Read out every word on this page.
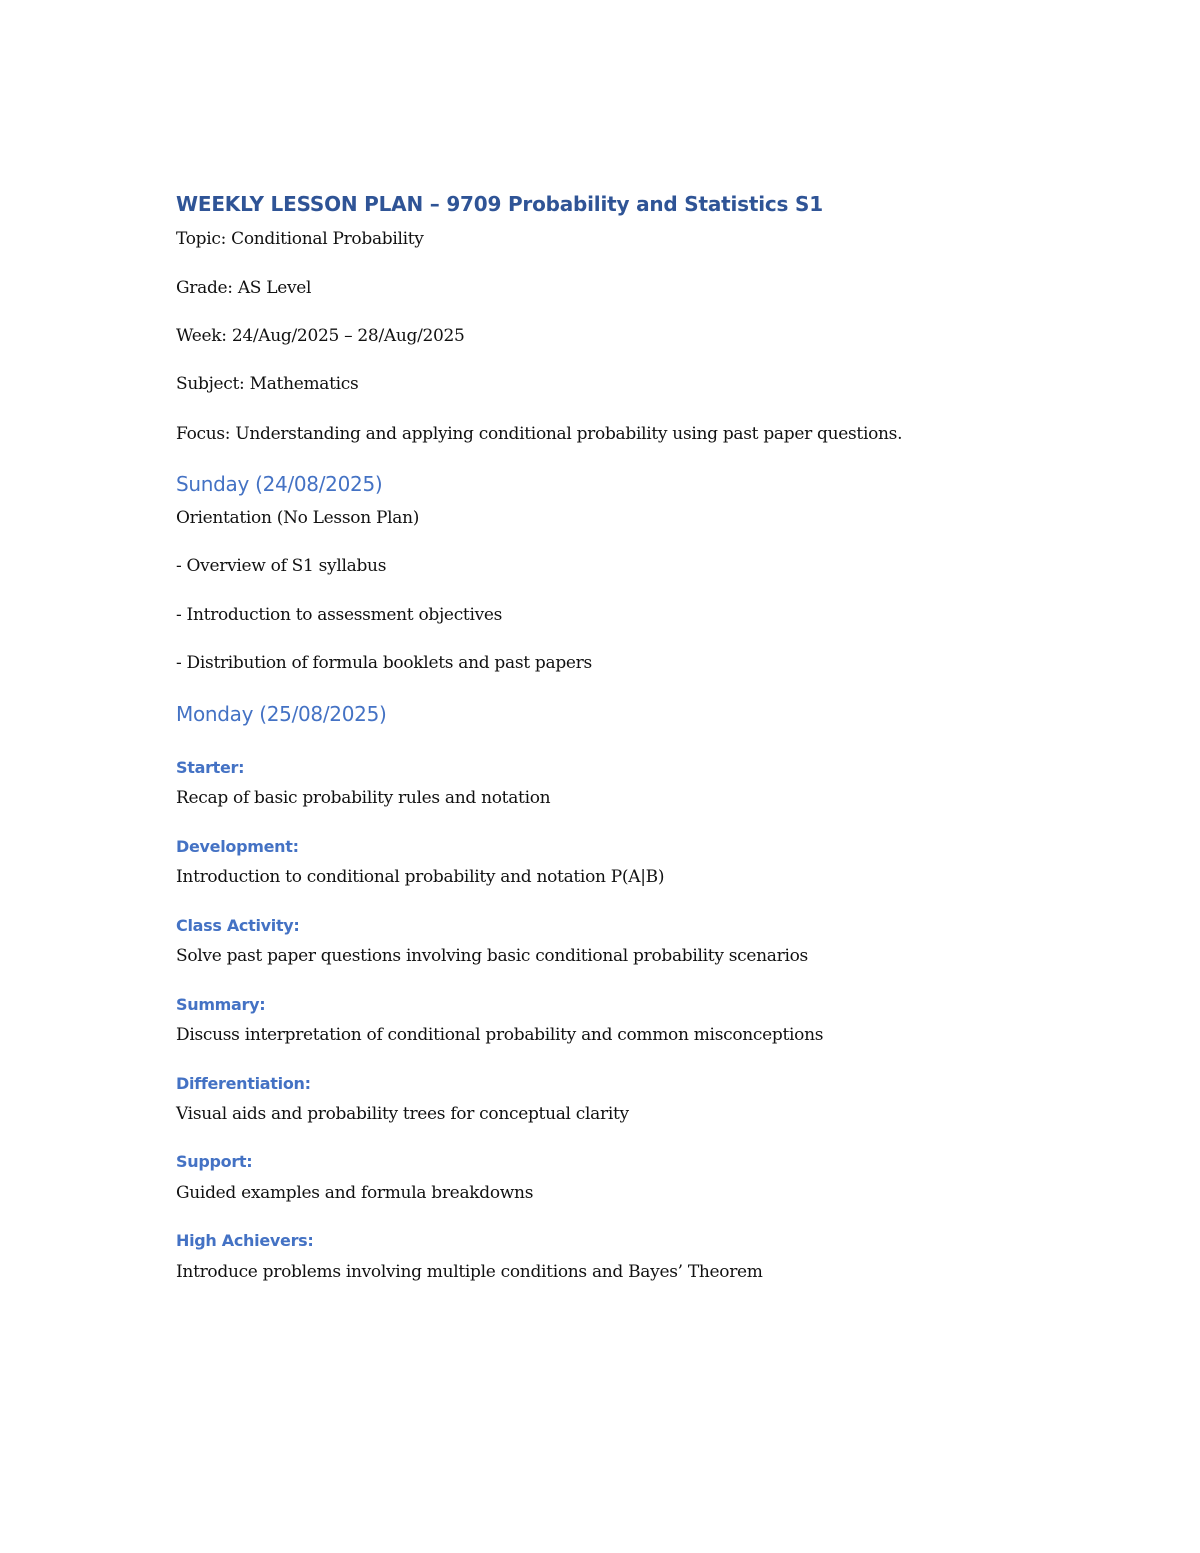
WEEKLY LESSON PLAN – 9709 Probability and Statistics S1
Topic: Conditional Probability
Grade: AS Level
Week: 24/Aug/2025 – 28/Aug/2025
Subject: Mathematics
Focus: Understanding and applying conditional probability using past paper questions.
Sunday (24/08/2025)
Orientation (No Lesson Plan)
- Overview of S1 syllabus
- Introduction to assessment objectives
- Distribution of formula booklets and past papers
Monday (25/08/2025)
Starter:
Recap of basic probability rules and notation
Development:
Introduction to conditional probability and notation P(A|B)
Class Activity:
Solve past paper questions involving basic conditional probability scenarios
Summary:
Discuss interpretation of conditional probability and common misconceptions
Differentiation:
Visual aids and probability trees for conceptual clarity
Support:
Guided examples and formula breakdowns
High Achievers:
Introduce problems involving multiple conditions and Bayes’ Theorem
